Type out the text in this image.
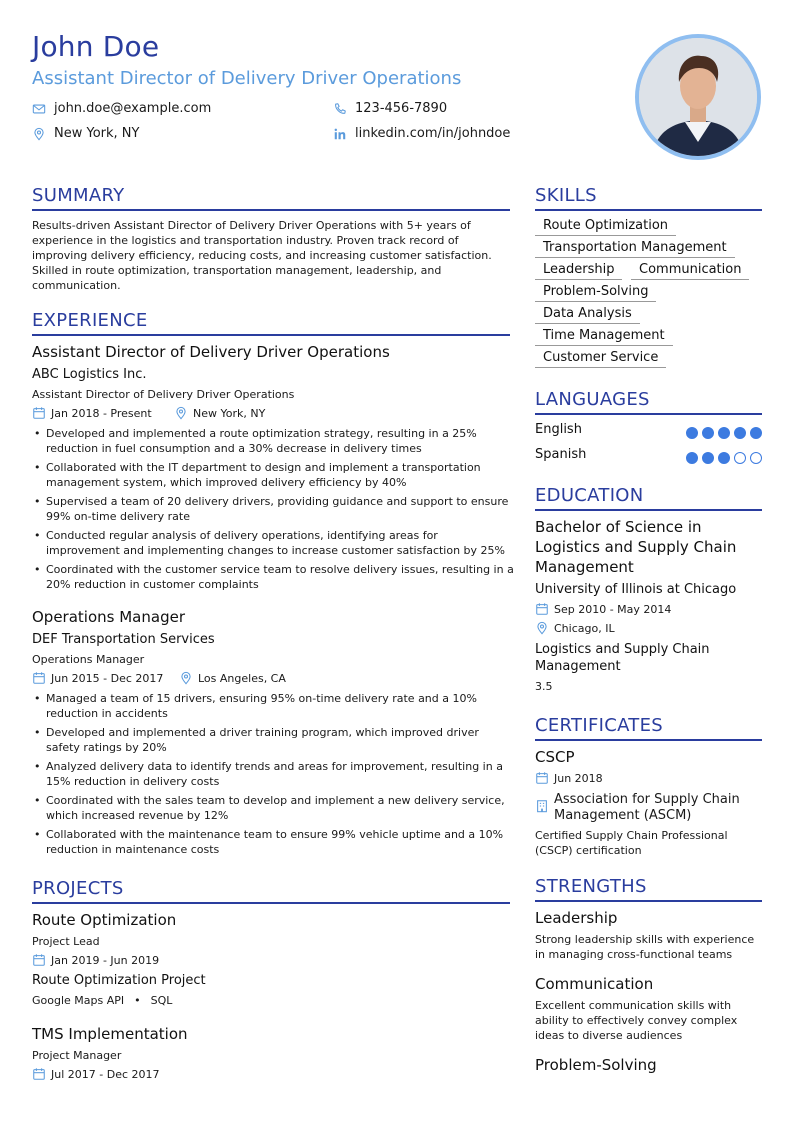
John Doe
Assistant Director of Delivery Driver Operations
john.doe@example.com	123-456-7890
New York, NY	linkedin.com/in/johndoe
SUMMARY
Results-driven Assistant Director of Delivery Driver Operations with 5+ years of experience in the logistics and transportation industry. Proven track record of improving delivery efficiency, reducing costs, and increasing customer satisfaction. Skilled in route optimization, transportation management, leadership, and communication.
EXPERIENCE
Assistant Director of Delivery Driver Operations
ABC Logistics Inc.
Assistant Director of Delivery Driver Operations
Jan 2018 - Present	New York, NY
• Developed and implemented a route optimization strategy, resulting in a 25% reduction in fuel consumption and a 30% decrease in delivery times
• Collaborated with the IT department to design and implement a transportation management system, which improved delivery efficiency by 40%
• Supervised a team of 20 delivery drivers, providing guidance and support to ensure 99% on-time delivery rate
• Conducted regular analysis of delivery operations, identifying areas for improvement and implementing changes to increase customer satisfaction by 25%
• Coordinated with the customer service team to resolve delivery issues, resulting in a 20% reduction in customer complaints
Operations Manager
DEF Transportation Services
Operations Manager
Jun 2015 - Dec 2017	Los Angeles, CA
• Managed a team of 15 drivers, ensuring 95% on-time delivery rate and a 10% reduction in accidents
• Developed and implemented a driver training program, which improved driver safety ratings by 20%
• Analyzed delivery data to identify trends and areas for improvement, resulting in a 15% reduction in delivery costs
• Coordinated with the sales team to develop and implement a new delivery service, which increased revenue by 12%
• Collaborated with the maintenance team to ensure 99% vehicle uptime and a 10% reduction in maintenance costs
PROJECTS
Route Optimization
Project Lead
Jan 2019 - Jun 2019
Route Optimization Project
Google Maps API • SQL
TMS Implementation
Project Manager
Jul 2017 - Dec 2017
SKILLS
Route Optimization
Transportation Management
Leadership	Communication
Problem-Solving
Data Analysis
Time Management
Customer Service
LANGUAGES
English
Spanish
EDUCATION
Bachelor of Science in Logistics and Supply Chain Management
University of Illinois at Chicago
Sep 2010 - May 2014
Chicago, IL
Logistics and Supply Chain Management
3.5
CERTIFICATES
CSCP
Jun 2018
Association for Supply Chain Management (ASCM)
Certified Supply Chain Professional (CSCP) certification
STRENGTHS
Leadership
Strong leadership skills with experience in managing cross-functional teams
Communication
Excellent communication skills with ability to effectively convey complex ideas to diverse audiences
Problem-Solving
